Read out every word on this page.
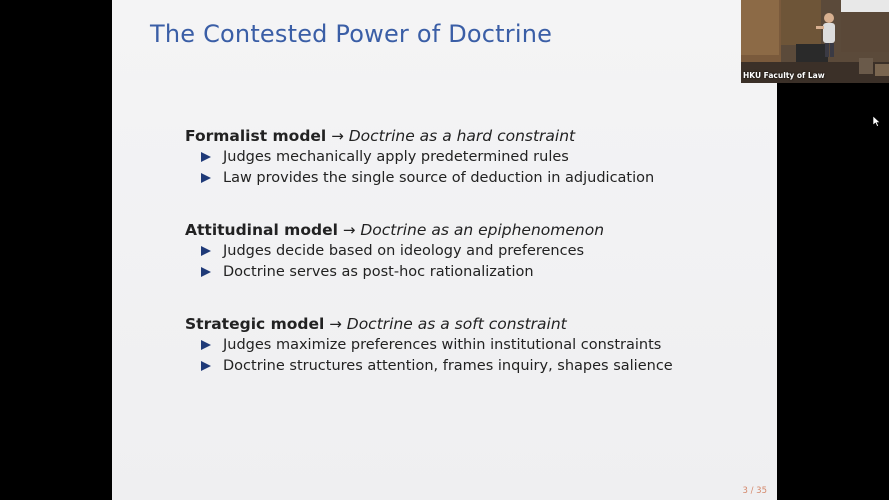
The Contested Power of Doctrine
Formalist model → Doctrine as a hard constraint
Judges mechanically apply predetermined rules
Law provides the single source of deduction in adjudication
Attitudinal model → Doctrine as an epiphenomenon
Judges decide based on ideology and preferences
Doctrine serves as post-hoc rationalization
Strategic model → Doctrine as a soft constraint
Judges maximize preferences within institutional constraints
Doctrine structures attention, frames inquiry, shapes salience
3 / 35
HKU Faculty of Law
